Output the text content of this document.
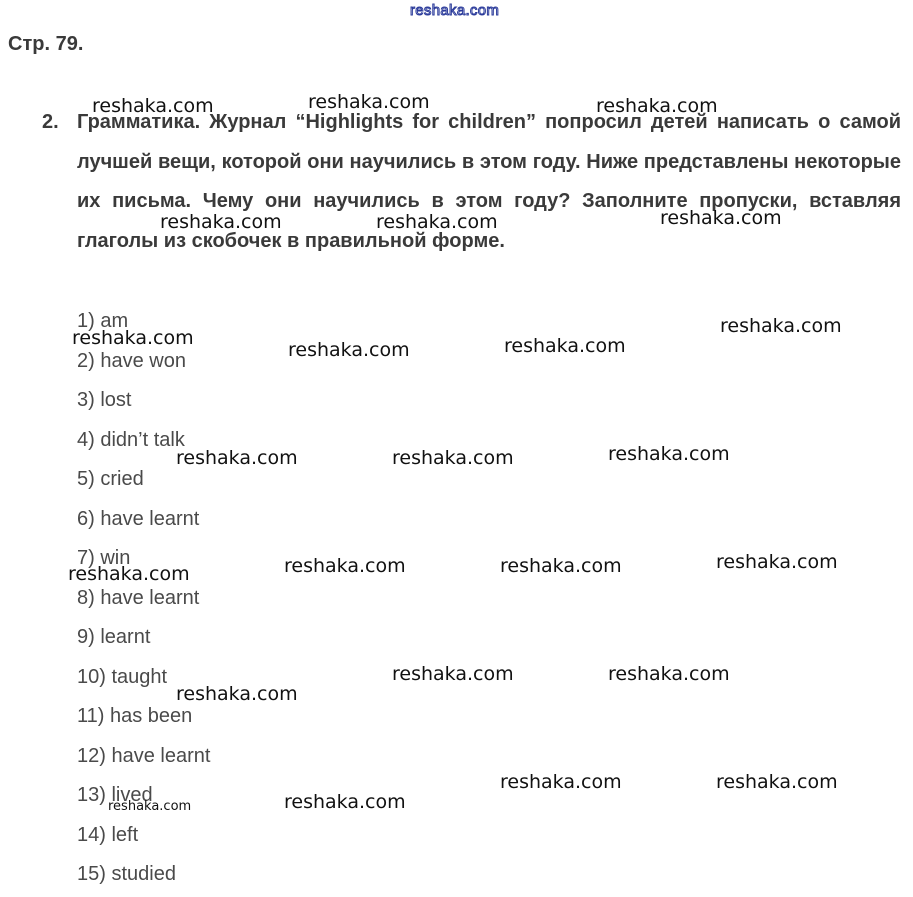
reshaka.com
Стр. 79.
2. Грамматика. Журнал “Highlights for children” попросил детей написать о самой лучшей вещи, которой они научились в этом году. Ниже представлены некоторые их письма. Чему они научились в этом году? Заполните пропуски, вставляя глаголы из скобочек в правильной форме.

1) am
2) have won
3) lost
4) didn’t talk
5) cried
6) have learnt
7) win
8) have learnt
9) learnt
10) taught
11) has been
12) have learnt
13) lived
14) left
15) studied
reshaka.com	reshaka.com	reshaka.com
reshaka.com	reshaka.com	reshaka.com
reshaka.com
reshaka.com
reshaka.com	reshaka.com
reshaka.com	reshaka.com	reshaka.com
reshaka.com
reshaka.com	reshaka.com	reshaka.com
reshaka.com	reshaka.com
reshaka.com
reshaka.com	reshaka.com
reshaka.com	reshaka.com
